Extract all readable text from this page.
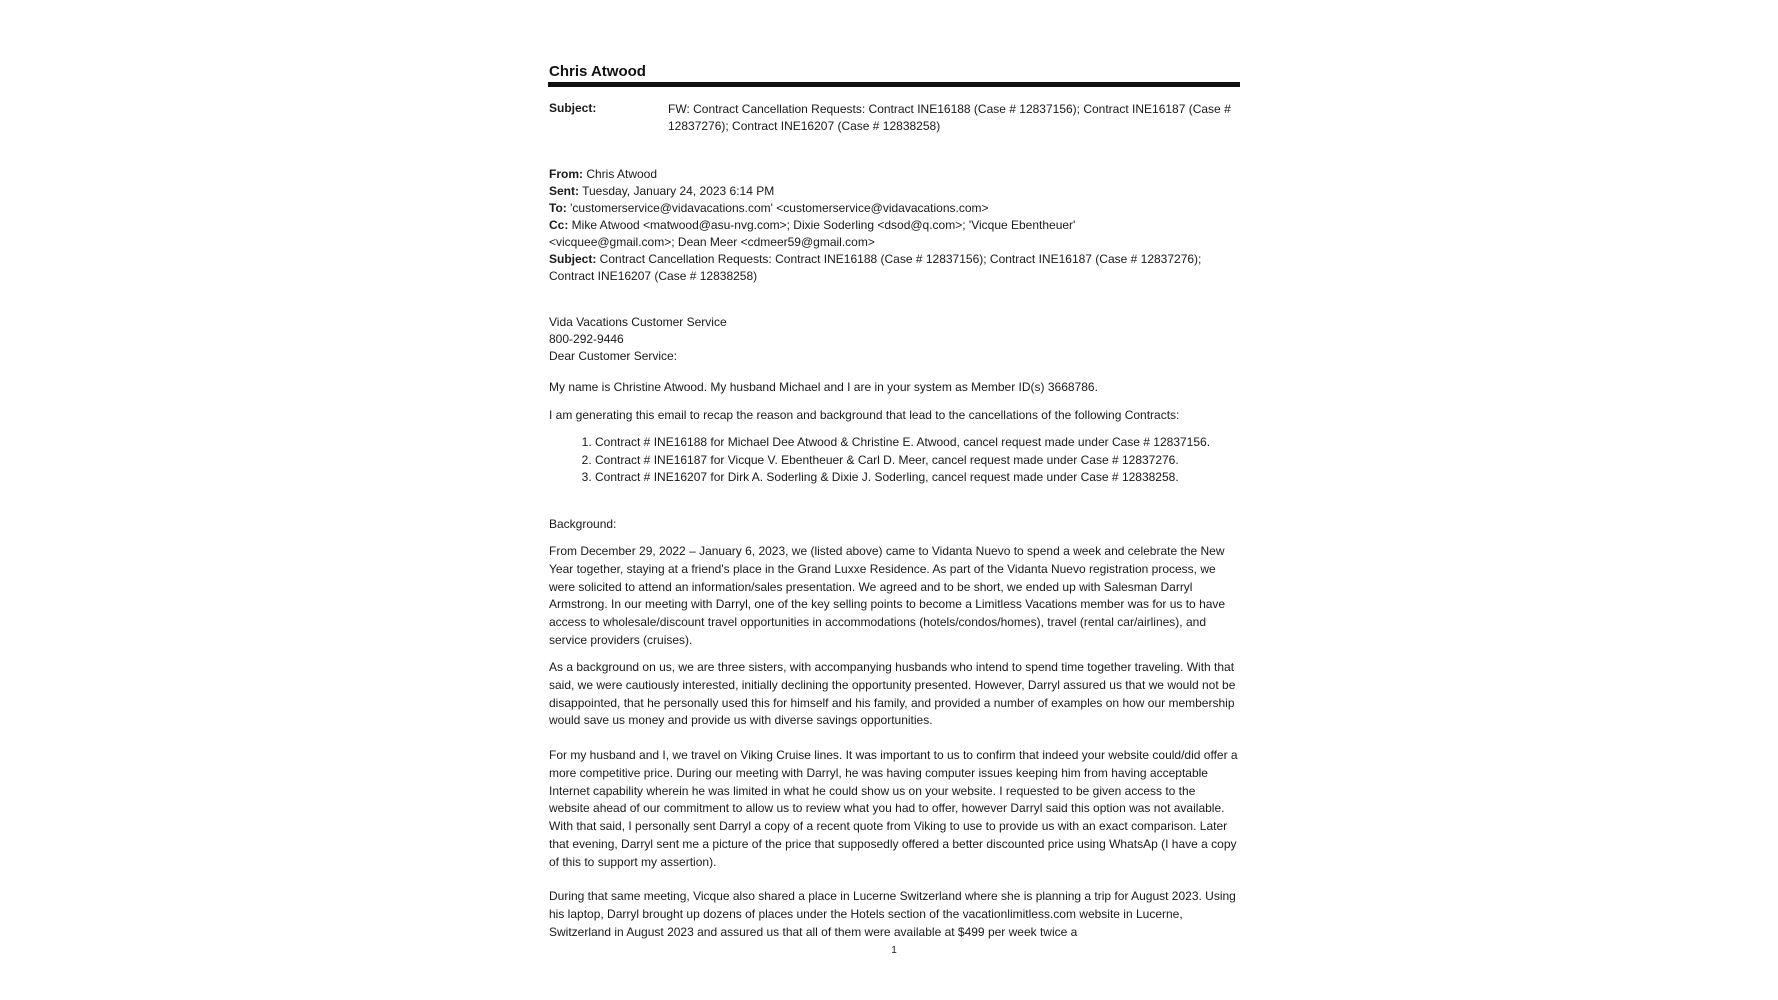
Chris Atwood
Subject:	FW: Contract Cancellation Requests: Contract INE16188 (Case # 12837156); Contract INE16187 (Case # 12837276); Contract INE16207 (Case # 12838258)

From: Chris Atwood

Sent: Tuesday, January 24, 2023 6:14 PM

To: 'customerservice@vidavacations.com' <customerservice@vidavacations.com>

Cc: Mike Atwood <matwood@asu-nvg.com>; Dixie Soderling <dsod@q.com>; 'Vicque Ebentheuer' <vicquee@gmail.com>; Dean Meer <cdmeer59@gmail.com>

Subject: Contract Cancellation Requests: Contract INE16188 (Case # 12837156); Contract INE16187 (Case # 12837276); Contract INE16207 (Case # 12838258)

Vida Vacations Customer Service

800-292-9446

Dear Customer Service:

My name is Christine Atwood. My husband Michael and I are in your system as Member ID(s) 3668786.
I am generating this email to recap the reason and background that lead to the cancellations of the following Contracts:
1. Contract # INE16188 for Michael Dee Atwood & Christine E. Atwood, cancel request made under Case # 12837156.
2. Contract # INE16187 for Vicque V. Ebentheuer & Carl D. Meer, cancel request made under Case # 12837276.
3. Contract # INE16207 for Dirk A. Soderling & Dixie J. Soderling, cancel request made under Case # 12838258.
Background:
From December 29, 2022 – January 6, 2023, we (listed above) came to Vidanta Nuevo to spend a week and celebrate the New Year together, staying at a friend's place in the Grand Luxxe Residence. As part of the Vidanta Nuevo registration process, we were solicited to attend an information/sales presentation. We agreed and to be short, we ended up with Salesman Darryl Armstrong. In our meeting with Darryl, one of the key selling points to become a Limitless Vacations member was for us to have access to wholesale/discount travel opportunities in accommodations (hotels/condos/homes), travel (rental car/airlines), and service providers (cruises).
As a background on us, we are three sisters, with accompanying husbands who intend to spend time together traveling. With that said, we were cautiously interested, initially declining the opportunity presented. However, Darryl assured us that we would not be disappointed, that he personally used this for himself and his family, and provided a number of examples on how our membership would save us money and provide us with diverse savings opportunities.
For my husband and I, we travel on Viking Cruise lines. It was important to us to confirm that indeed your website could/did offer a more competitive price. During our meeting with Darryl, he was having computer issues keeping him from having acceptable Internet capability wherein he was limited in what he could show us on your website. I requested to be given access to the website ahead of our commitment to allow us to review what you had to offer, however Darryl said this option was not available. With that said, I personally sent Darryl a copy of a recent quote from Viking to use to provide us with an exact comparison. Later that evening, Darryl sent me a picture of the price that supposedly offered a better discounted price using WhatsAp (I have a copy of this to support my assertion).
During that same meeting, Vicque also shared a place in Lucerne Switzerland where she is planning a trip for August 2023. Using his laptop, Darryl brought up dozens of places under the Hotels section of the vacationlimitless.com website in Lucerne, Switzerland in August 2023 and assured us that all of them were available at $499 per week twice a
1
